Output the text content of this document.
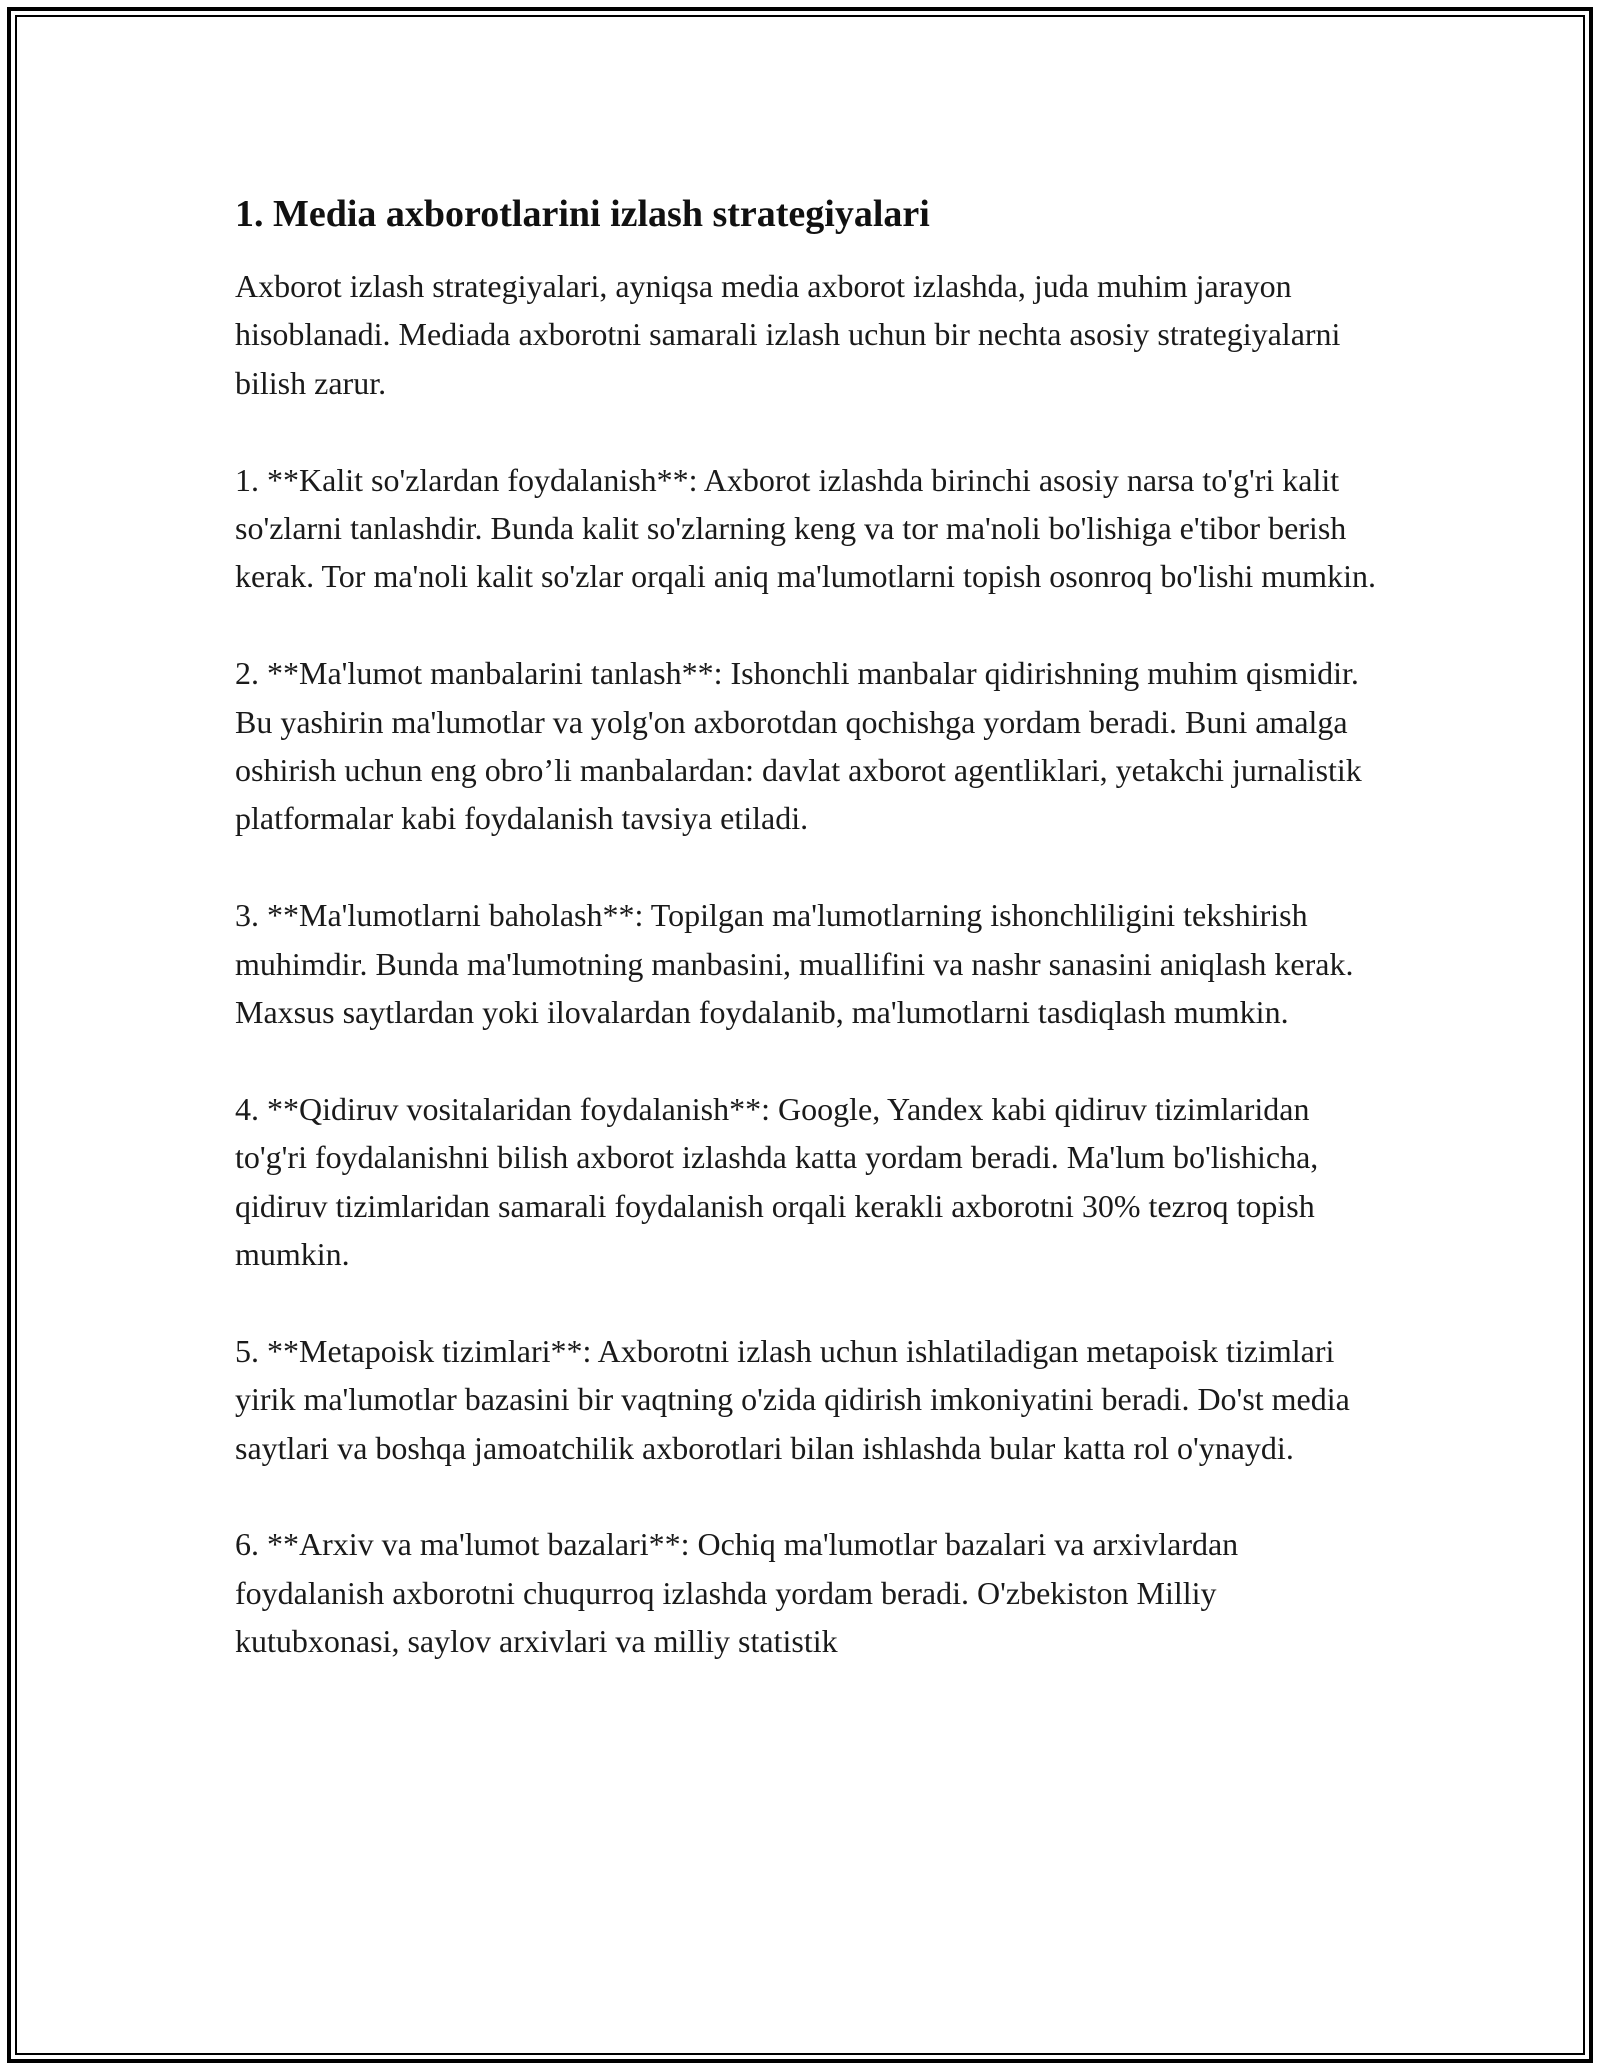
1. Media axborotlarini izlash strategiyalari

Axborot izlash strategiyalari, ayniqsa media axborot izlashda, juda muhim jarayon hisoblanadi. Mediada axborotni samarali izlash uchun bir nechta asosiy strategiyalarni bilish zarur.

1. **Kalit so'zlardan foydalanish**: Axborot izlashda birinchi asosiy narsa to'g'ri kalit so'zlarni tanlashdir. Bunda kalit so'zlarning keng va tor ma'noli bo'lishiga e'tibor berish kerak. Tor ma'noli kalit so'zlar orqali aniq ma'lumotlarni topish osonroq bo'lishi mumkin.

2. **Ma'lumot manbalarini tanlash**: Ishonchli manbalar qidirishning muhim qismidir. Bu yashirin ma'lumotlar va yolg'on axborotdan qochishga yordam beradi. Buni amalga oshirish uchun eng obro’li manbalardan: davlat axborot agentliklari, yetakchi jurnalistik platformalar kabi foydalanish tavsiya etiladi.

3. **Ma'lumotlarni baholash**: Topilgan ma'lumotlarning ishonchliligini tekshirish muhimdir. Bunda ma'lumotning manbasini, muallifini va nashr sanasini aniqlash kerak. Maxsus saytlardan yoki ilovalardan foydalanib, ma'lumotlarni tasdiqlash mumkin.

4. **Qidiruv vositalaridan foydalanish**: Google, Yandex kabi qidiruv tizimlaridan to'g'ri foydalanishni bilish axborot izlashda katta yordam beradi. Ma'lum bo'lishicha, qidiruv tizimlaridan samarali foydalanish orqali kerakli axborotni 30% tezroq topish mumkin.

5. **Metapoisk tizimlari**: Axborotni izlash uchun ishlatiladigan metapoisk tizimlari yirik ma'lumotlar bazasini bir vaqtning o'zida qidirish imkoniyatini beradi. Do'st media saytlari va boshqa jamoatchilik axborotlari bilan ishlashda bular katta rol o'ynaydi.

6. **Arxiv va ma'lumot bazalari**: Ochiq ma'lumotlar bazalari va arxivlardan foydalanish axborotni chuqurroq izlashda yordam beradi. O'zbekiston Milliy kutubxonasi, saylov arxivlari va milliy statistik
